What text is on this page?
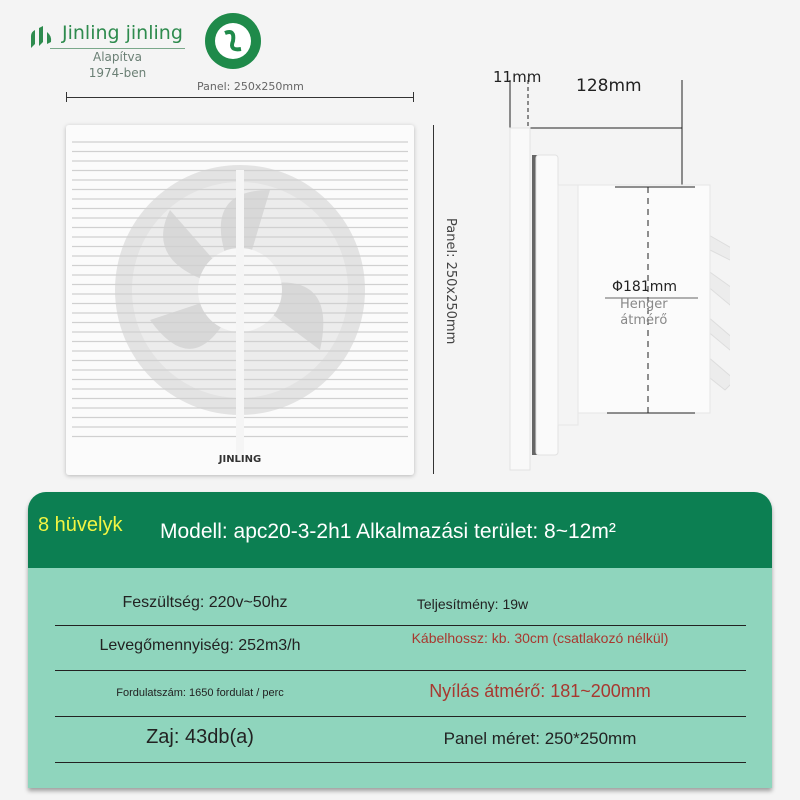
Jinling jinling
Alapítva
1974-ben
Panel: 250x250mm
JINLING
Panel: 250x250mm
11mm 128mm
Φ181mm
Henger
átmérő
8 hüvelyk Modell: apc20-3-2h1 Alkalmazási terület: 8~12m²
Feszültség: 220v~50hz	Teljesítmény: 19w
Levegőmennyiség: 252m3/h	Kábelhossz: kb. 30cm (csatlakozó nélkül)
Fordulatszám: 1650 fordulat / perc	Nyílás átmérő: 181~200mm
Zaj: 43db(a)	Panel méret: 250*250mm
